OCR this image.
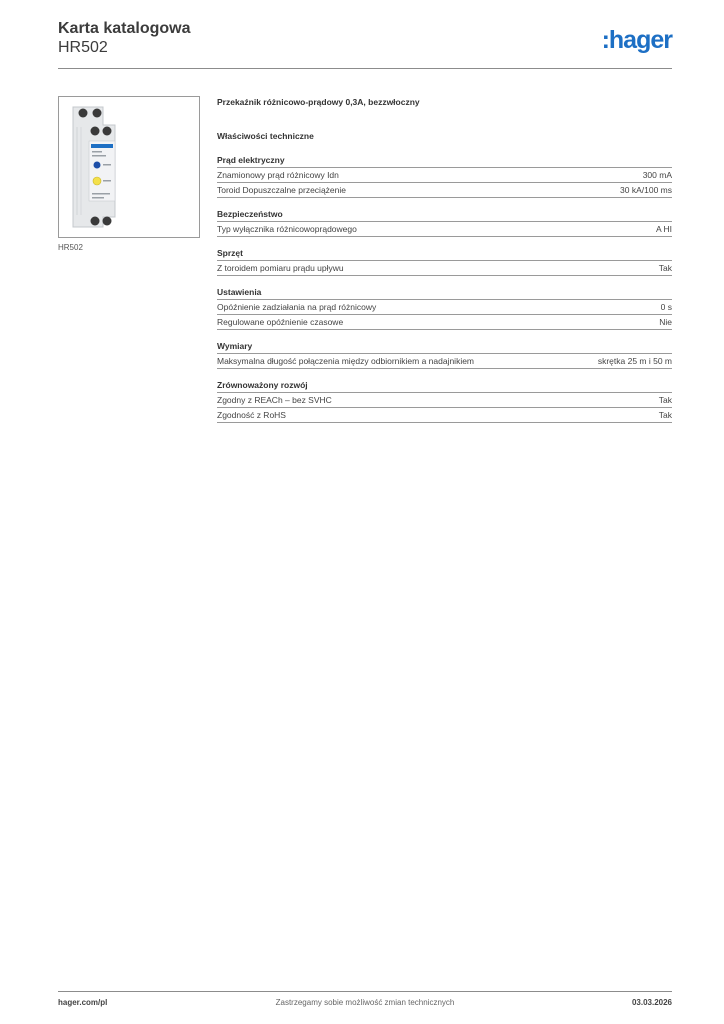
Karta katalogowa
HR502	:hager
HR502
Przekaźnik różnicowo-prądowy 0,3A, bezzwłoczny
Właściwości techniczne
Prąd elektryczny
Znamionowy prąd różnicowy Idn	300 mA
Toroid Dopuszczalne przeciążenie	30 kA/100 ms
Bezpieczeństwo
Typ wyłącznika różnicowoprądowego	A HI
Sprzęt
Z toroidem pomiaru prądu upływu	Tak
Ustawienia
Opóźnienie zadziałania na prąd różnicowy	0 s
Regulowane opóźnienie czasowe	Nie
Wymiary
Maksymalna długość połączenia między odbiornikiem a nadajnikiem	skrętka 25 m i 50 m
Zrównoważony rozwój
Zgodny z REACh – bez SVHC	Tak
Zgodność z RoHS	Tak
Zastrzegamy sobie możliwość zmian technicznych
hager.com/pl	03.03.2026
